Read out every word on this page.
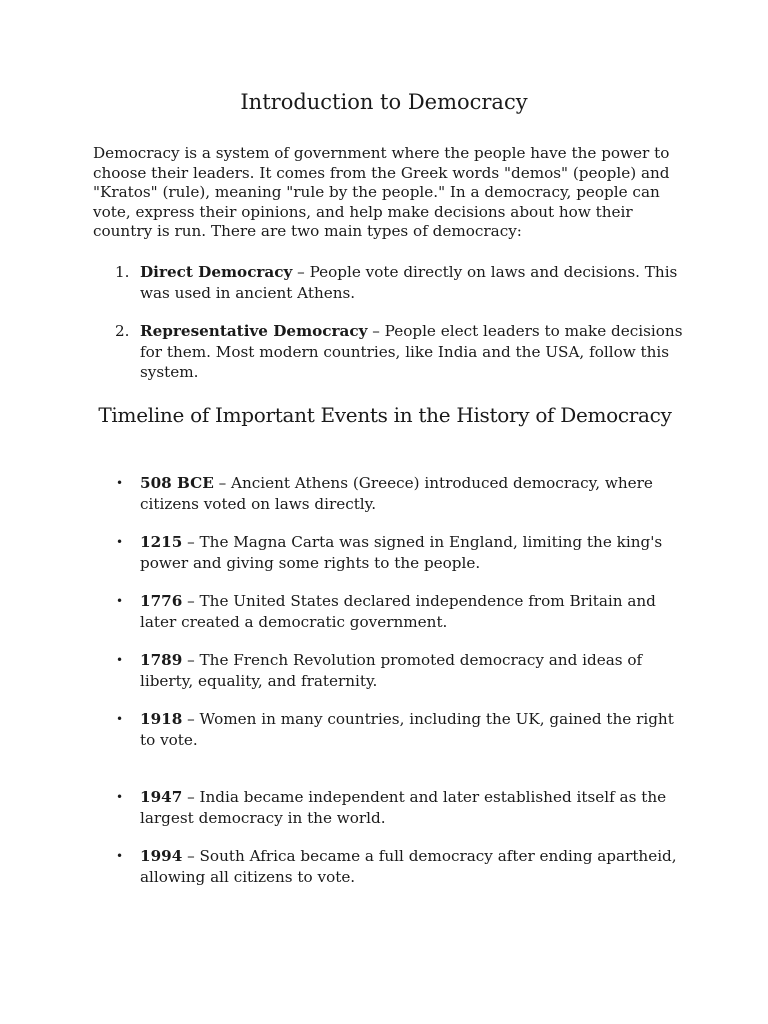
Introduction to Democracy

Democracy is a system of government where the people have the power to choose their leaders. It comes from the Greek words "demos" (people) and "Kratos" (rule), meaning "rule by the people." In a democracy, people can vote, express their opinions, and help make decisions about how their country is run. There are two main types of democracy:

1. Direct Democracy – People vote directly on laws and decisions. This was used in ancient Athens.
2. Representative Democracy – People elect leaders to make decisions for them. Most modern countries, like India and the USA, follow this system.
Timeline of Important Events in the History of Democracy
• 508 BCE – Ancient Athens (Greece) introduced democracy, where citizens voted on laws directly.
• 1215 – The Magna Carta was signed in England, limiting the king's power and giving some rights to the people.
• 1776 – The United States declared independence from Britain and later created a democratic government.
• 1789 – The French Revolution promoted democracy and ideas of liberty, equality, and fraternity.
• 1918 – Women in many countries, including the UK, gained the right to vote.
• 1947 – India became independent and later established itself as the largest democracy in the world.
• 1994 – South Africa became a full democracy after ending apartheid, allowing all citizens to vote.
